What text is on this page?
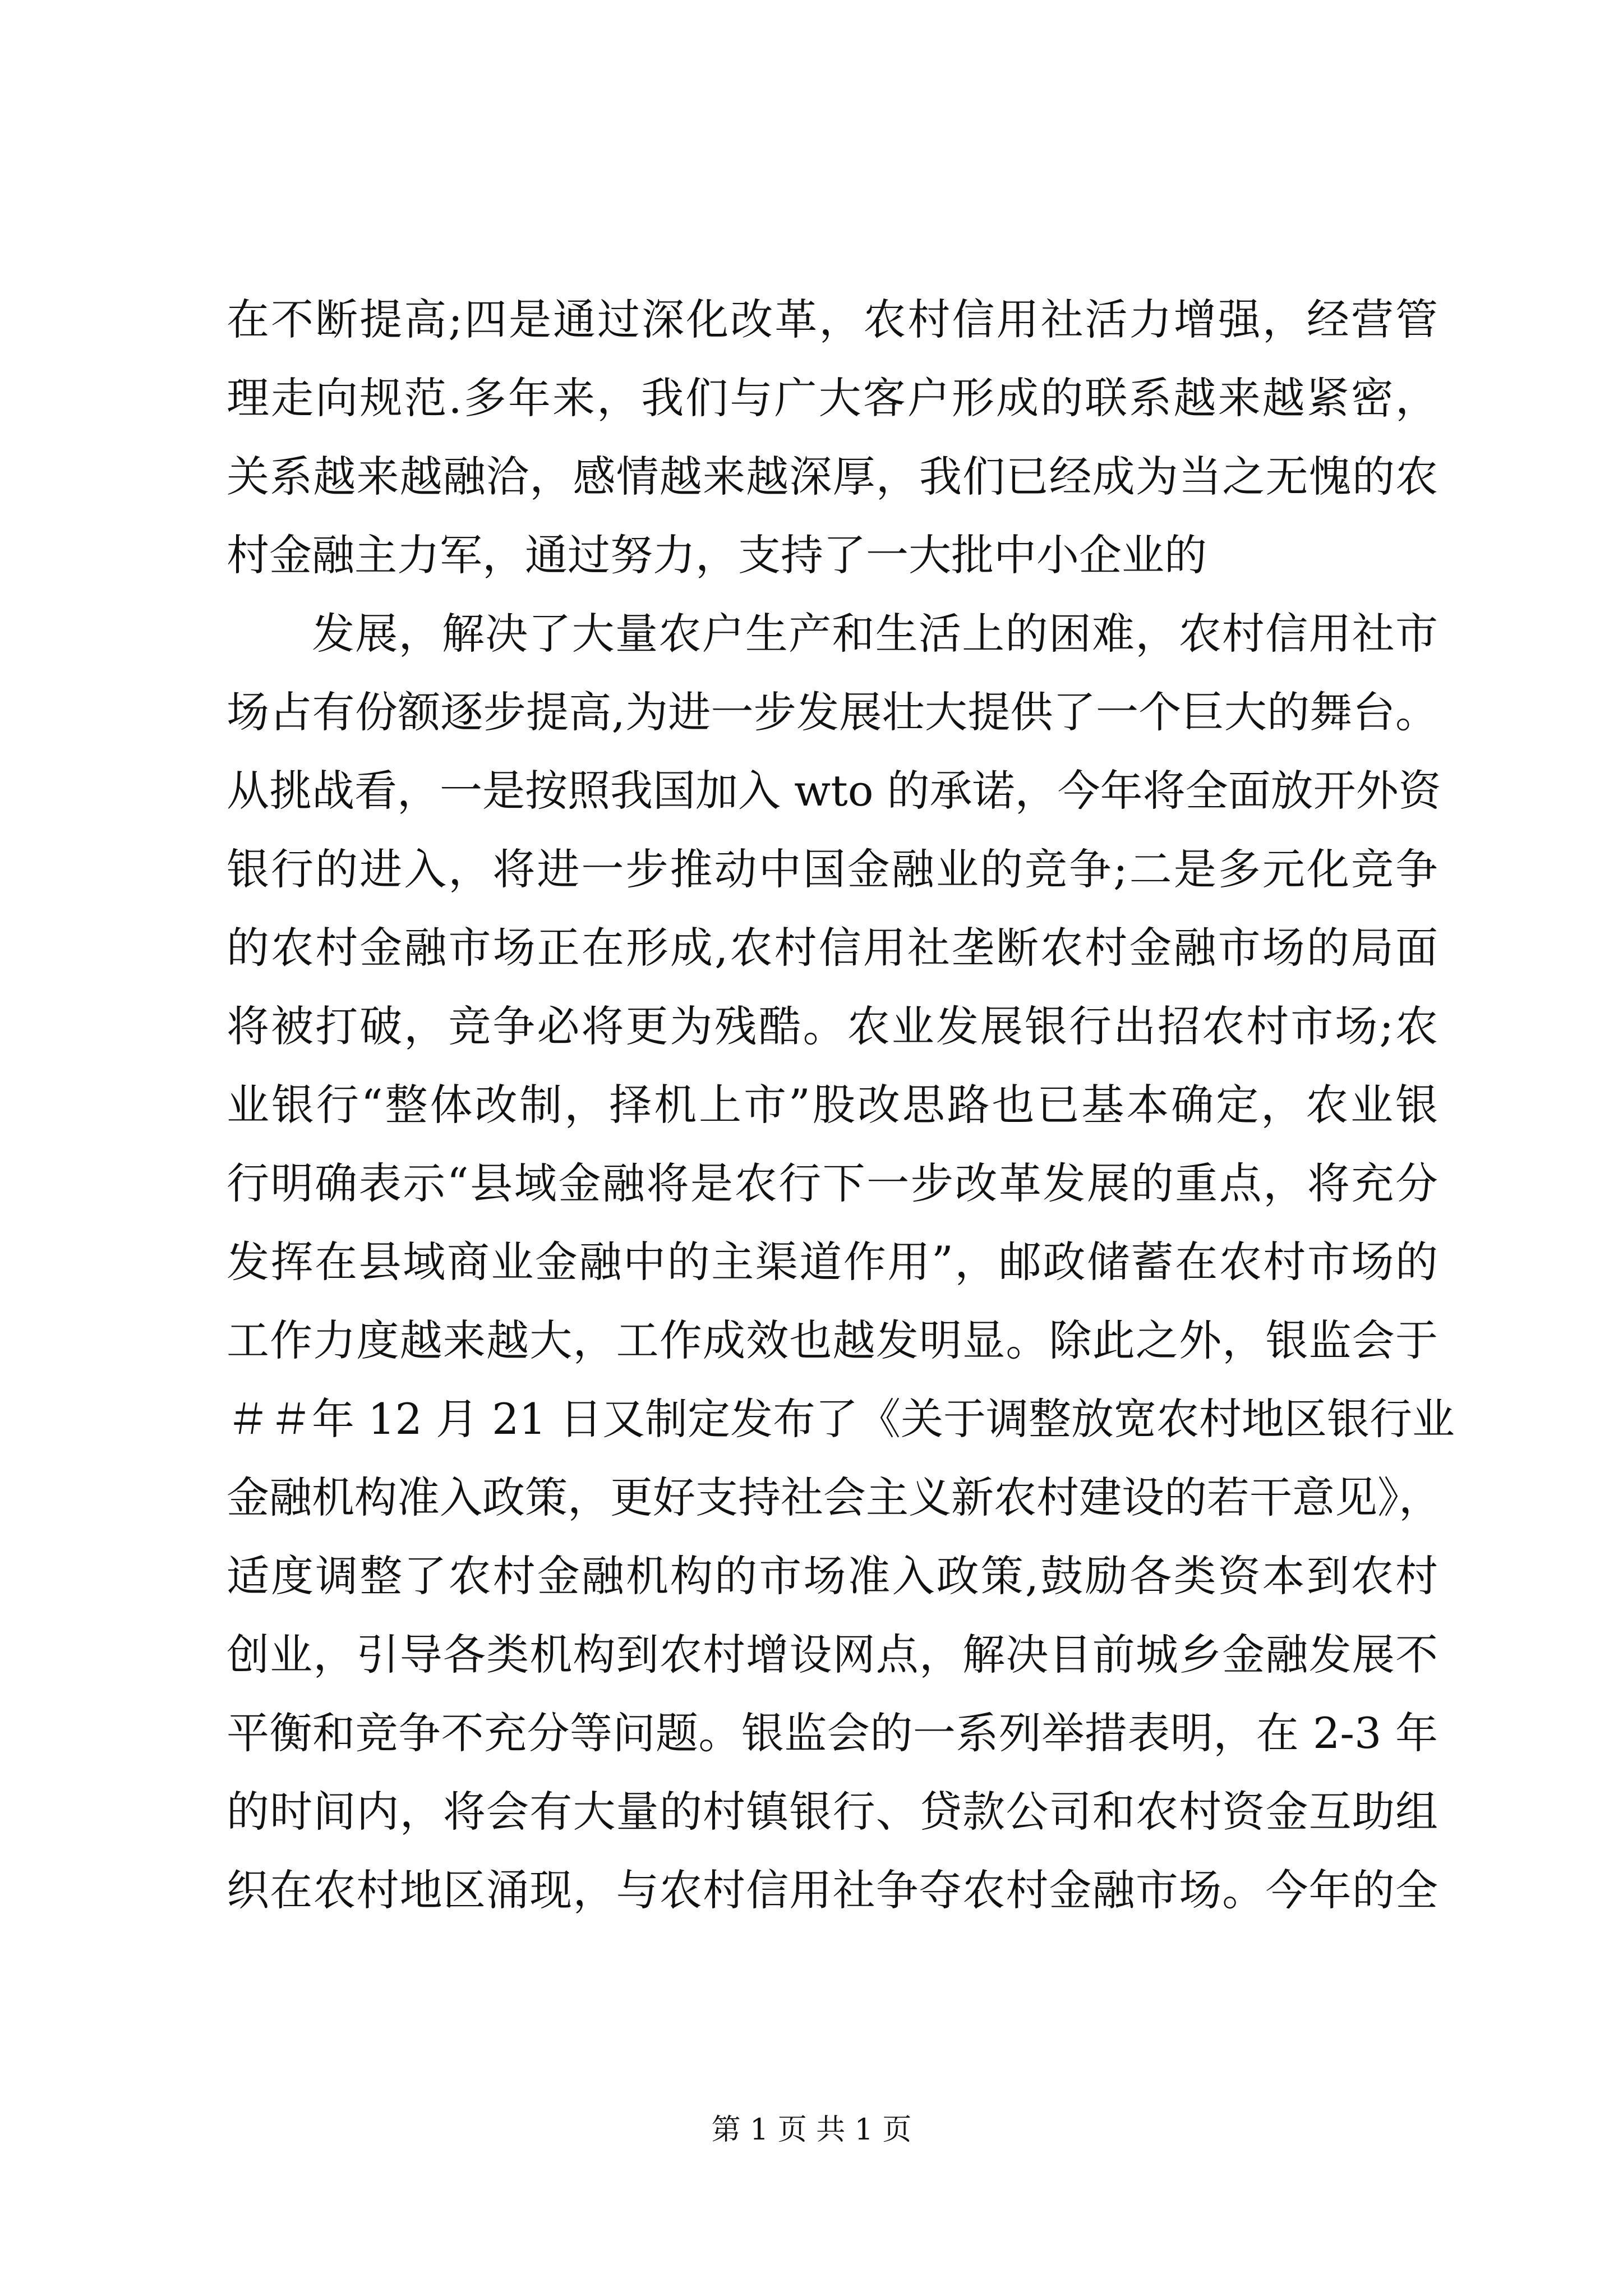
在不断提高;四是通过深化改革，农村信用社活力增强，经营管
理走向规范.多年来，我们与广大客户形成的联系越来越紧密，
关系越来越融洽，感情越来越深厚，我们已经成为当之无愧的农
村金融主力军，通过努力，支持了一大批中小企业的
发展，解决了大量农户生产和生活上的困难，农村信用社市
场占有份额逐步提高,为进一步发展壮大提供了一个巨大的舞台。
从挑战看，一是按照我国加入 wto 的承诺，今年将全面放开外资
银行的进入，将进一步推动中国金融业的竞争;二是多元化竞争
的农村金融市场正在形成,农村信用社垄断农村金融市场的局面
将被打破，竞争必将更为残酷。农业发展银行出招农村市场;农
业银行“整体改制，择机上市”股改思路也已基本确定，农业银
行明确表示“县域金融将是农行下一步改革发展的重点，将充分
发挥在县域商业金融中的主渠道作用”，邮政储蓄在农村市场的
工作力度越来越大，工作成效也越发明显。除此之外，银监会于
＃＃年 12 月 21 日又制定发布了《关于调整放宽农村地区银行业
金融机构准入政策，更好支持社会主义新农村建设的若干意见》，
适度调整了农村金融机构的市场准入政策,鼓励各类资本到农村
创业，引导各类机构到农村增设网点，解决目前城乡金融发展不
平衡和竞争不充分等问题。银监会的一系列举措表明，在 2-3 年
的时间内，将会有大量的村镇银行、贷款公司和农村资金互助组
织在农村地区涌现，与农村信用社争夺农村金融市场。今年的全
第 1 页 共 1 页
